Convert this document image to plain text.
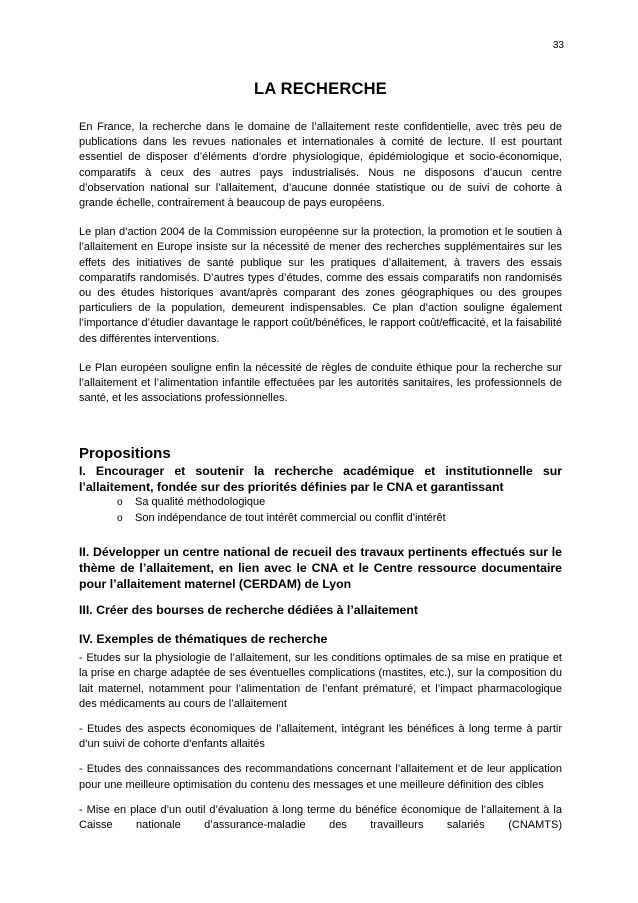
33
LA RECHERCHE

En France, la recherche dans le domaine de l’allaitement reste confidentielle, avec très peu de publications dans les revues nationales et internationales à comité de lecture. Il est pourtant essentiel de disposer d’éléments d’ordre physiologique, épidémiologique et socio-économique, comparatifs à ceux des autres pays industrialisés. Nous ne disposons d’aucun centre d’observation national sur l’allaitement, d’aucune donnée statistique ou de suivi de cohorte à grande échelle, contrairement à beaucoup de pays européens.

Le plan d’action 2004 de la Commission européenne sur la protection, la promotion et le soutien à l’allaitement en Europe insiste sur la nécessité de mener des recherches supplémentaires sur les effets des initiatives de santé publique sur les pratiques d’allaitement, à travers des essais comparatifs randomisés. D’autres types d’études, comme des essais comparatifs non randomisés ou des études historiques avant/après comparant des zones géographiques ou des groupes particuliers de la population, demeurent indispensables. Ce plan d’action souligne également l’importance d’étudier davantage le rapport coût/bénéfices, le rapport coût/efficacité, et la faisabilité des différentes interventions.

Le Plan européen souligne enfin la nécessité de règles de conduite éthique pour la recherche sur l’allaitement et l’alimentation infantile effectuées par les autorités sanitaires, les professionnels de santé, et les associations professionnelles.

Propositions

I. Encourager et soutenir la recherche académique et institutionnelle sur l’allaitement, fondée sur des priorités définies par le CNA et garantissant

o Sa qualité méthodologique
o Son indépendance de tout intérêt commercial ou conflit d’intérêt

II. Développer un centre national de recueil des travaux pertinents effectués sur le thème de l’allaitement, en lien avec le CNA et le Centre ressource documentaire pour l’allaitement maternel (CERDAM) de Lyon

III. Créer des bourses de recherche dédiées à l’allaitement

IV. Exemples de thématiques de recherche

- Etudes sur la physiologie de l’allaitement, sur les conditions optimales de sa mise en pratique et la prise en charge adaptée de ses éventuelles complications (mastites, etc.), sur la composition du lait maternel, notamment pour l’alimentation de l’enfant prématuré, et l’impact pharmacologique des médicaments au cours de l’allaitement

- Etudes des aspects économiques de l’allaitement, intégrant les bénéfices à long terme à partir d’un suivi de cohorte d’enfants allaités

- Etudes des connaissances des recommandations concernant l’allaitement et de leur application pour une meilleure optimisation du contenu des messages et une meilleure définition des cibles

- Mise en place d’un outil d’évaluation à long terme du bénéfice économique de l’allaitement à la Caisse nationale d’assurance-maladie des travailleurs salariés (CNAMTS)
